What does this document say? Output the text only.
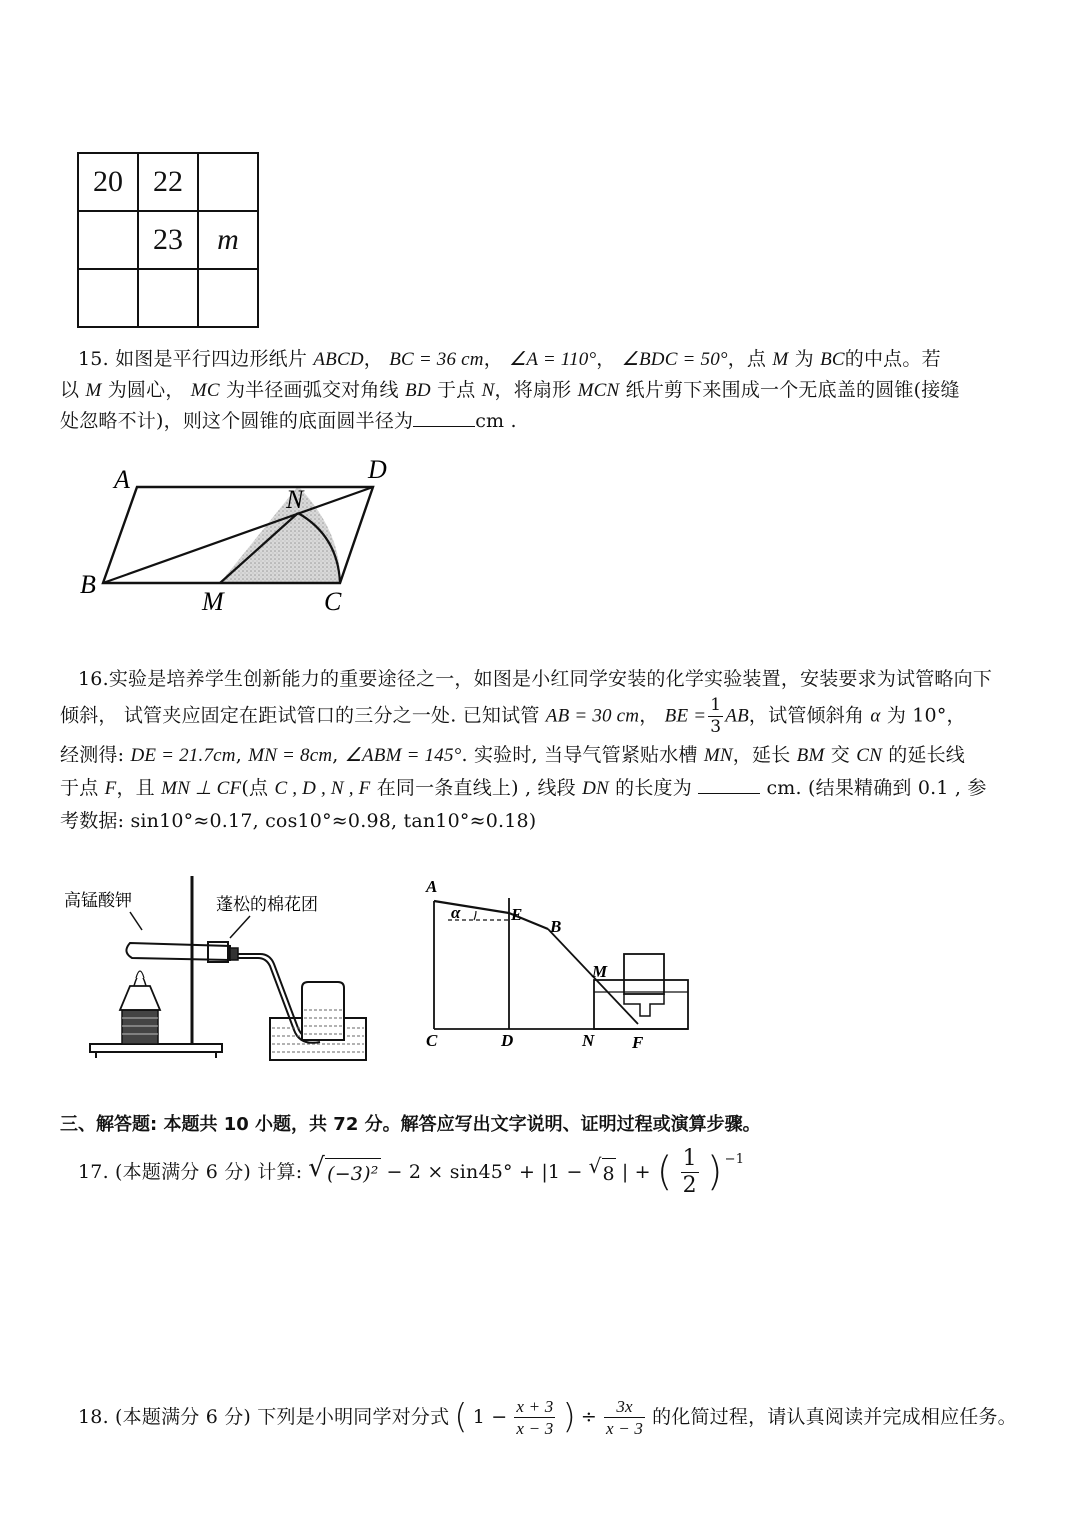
20	22	
	23	m

15. 如图是平行四边形纸片 ABCD， BC = 36 cm， ∠A = 110°， ∠BDC = 50°，点 M 为 BC的中点。若
以 M 为圆心， MC 为半径画弧交对角线 BD 于点 N，将扇形 MCN 纸片剪下来围成一个无底盖的圆锥(接缝
处忽略不计)，则这个圆锥的底面圆半径为	cm .
A	D
B
N
M	C
16.实验是培养学生创新能力的重要途径之一，如图是小红同学安装的化学实验装置，安装要求为试管略向下
倾斜， 试管夹应固定在距试管口的三分之一处. 已知试管 AB = 30 cm， BE = $\frac{1}{3}$ AB，试管倾斜角 α 为 10°，
经测得: DE = 21.7cm, MN = 8cm, ∠ABM = 145°. 实验时, 当导气管紧贴水槽 MN，延长 BM 交 CN 的延长线
于点 F，且 MN ⊥ CF(点 C , D , N , F 在同一条直线上) , 线段 DN 的长度为	cm. (结果精确到 0.1 , 参
考数据: sin10°≈0.17, cos10°≈0.98, tan10°≈0.18)
高锰酸钾	蓬松的棉花团	α
A
E
B
M
C	D	N F
三、解答题: 本题共 10 小题，共 72 分。解答应写出文字说明、证明过程或演算步骤。
17. (本题满分 6 分) 计算: √ (−3)² − 2 × sin45° + |1 − √ 8 | + ( $\frac{1}{2}$ ) −1
18. (本题满分 6 分) 下列是小明同学对分式 ( $1 - \frac{x + 3}{x - 3}$ ) ÷ $\frac{3x}{x - 3}$ 的化简过程，请认真阅读并完成相应任务。
